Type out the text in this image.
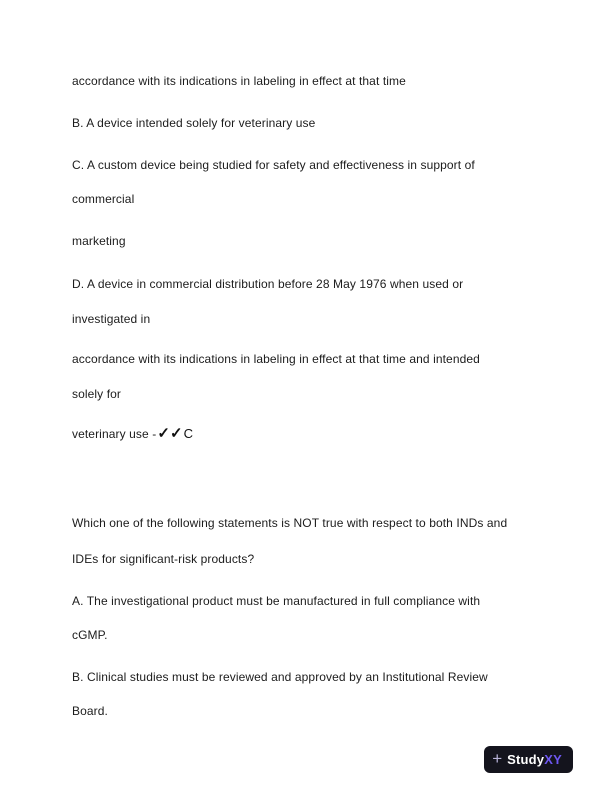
accordance with its indications in labeling in effect at that time
B. A device intended solely for veterinary use
C. A custom device being studied for safety and effectiveness in support of
commercial
marketing
D. A device in commercial distribution before 28 May 1976 when used or
investigated in
accordance with its indications in labeling in effect at that time and intended
solely for
veterinary use - ✓✓ C
Which one of the following statements is NOT true with respect to both INDs and
IDEs for significant-risk products?
A. The investigational product must be manufactured in full compliance with
cGMP.
B. Clinical studies must be reviewed and approved by an Institutional Review
Board.
+ StudyXY
